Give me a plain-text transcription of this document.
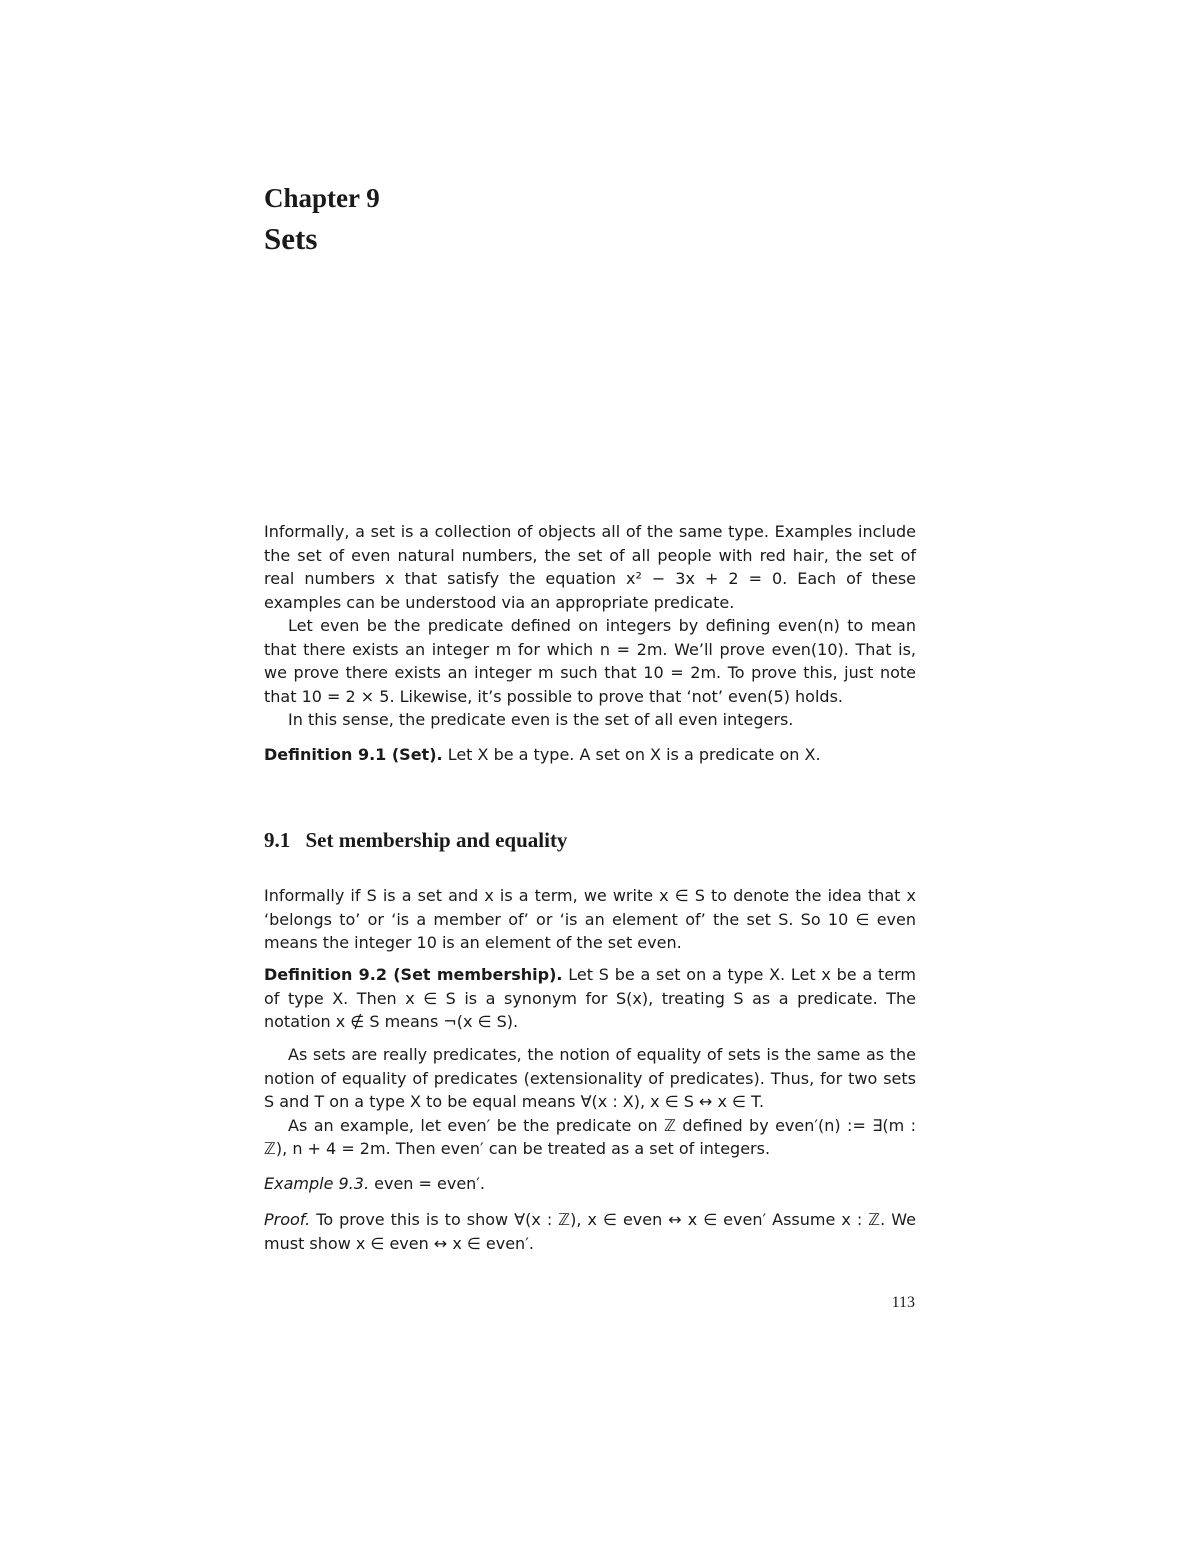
Chapter 9
Sets

Informally, a set is a collection of objects all of the same type. Examples include the set of even natural numbers, the set of all people with red hair, the set of real numbers x that satisfy the equation x² − 3x + 2 = 0. Each of these examples can be understood via an appropriate predicate.

Let even be the predicate defined on integers by defining even(n) to mean that there exists an integer m for which n = 2m. We’ll prove even(10). That is, we prove there exists an integer m such that 10 = 2m. To prove this, just note that 10 = 2 × 5. Likewise, it’s possible to prove that ‘not’ even(5) holds.

In this sense, the predicate even is the set of all even integers.

Definition 9.1 (Set). Let X be a type. A set on X is a predicate on X.

9.1 Set membership and equality

Informally if S is a set and x is a term, we write x ∈ S to denote the idea that x ‘belongs to’ or ‘is a member of’ or ‘is an element of’ the set S. So 10 ∈ even means the integer 10 is an element of the set even.

Definition 9.2 (Set membership). Let S be a set on a type X. Let x be a term of type X. Then x ∈ S is a synonym for S(x), treating S as a predicate. The notation x ∉ S means ¬(x ∈ S).

As sets are really predicates, the notion of equality of sets is the same as the notion of equality of predicates (extensionality of predicates). Thus, for two sets S and T on a type X to be equal means ∀(x : X), x ∈ S ↔ x ∈ T.

As an example, let even′ be the predicate on ℤ defined by even′(n) := ∃(m : ℤ), n + 4 = 2m. Then even′ can be treated as a set of integers.

Example 9.3. even = even′.

Proof. To prove this is to show ∀(x : ℤ), x ∈ even ↔ x ∈ even′ Assume x : ℤ. We must show x ∈ even ↔ x ∈ even′.

113
